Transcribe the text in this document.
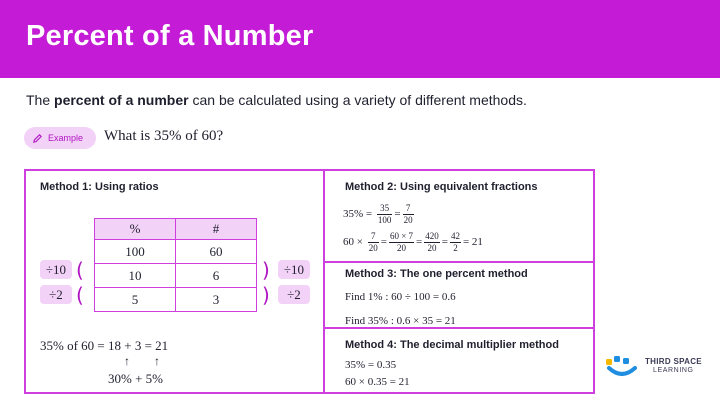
Percent of a Number
The percent of a number can be calculated using a variety of different methods.
Example What is 35% of 60?
Method 1: Using ratios
%	#
100	60
10	6
5	3
÷10 (
÷2 (
)	÷10
)	÷2
35% of 60 = 18 + 3 = 21
↑ ↑
30% + 5%
Method 2: Using equivalent fractions
$35\% = \frac{35}{100} = \frac{7}{20}$
$60 \times \frac{7}{20} = \frac{60 \times 7}{20} = \frac{420}{20} = \frac{42}{2} = 21$
Method 3: The one percent method
Find 1% : 60 ÷ 100 = 0.6
Find 35% : 0.6 × 35 = 21
Method 4: The decimal multiplier method
35% = 0.35
60 × 0.35 = 21
THIRD SPACE
LEARNING
